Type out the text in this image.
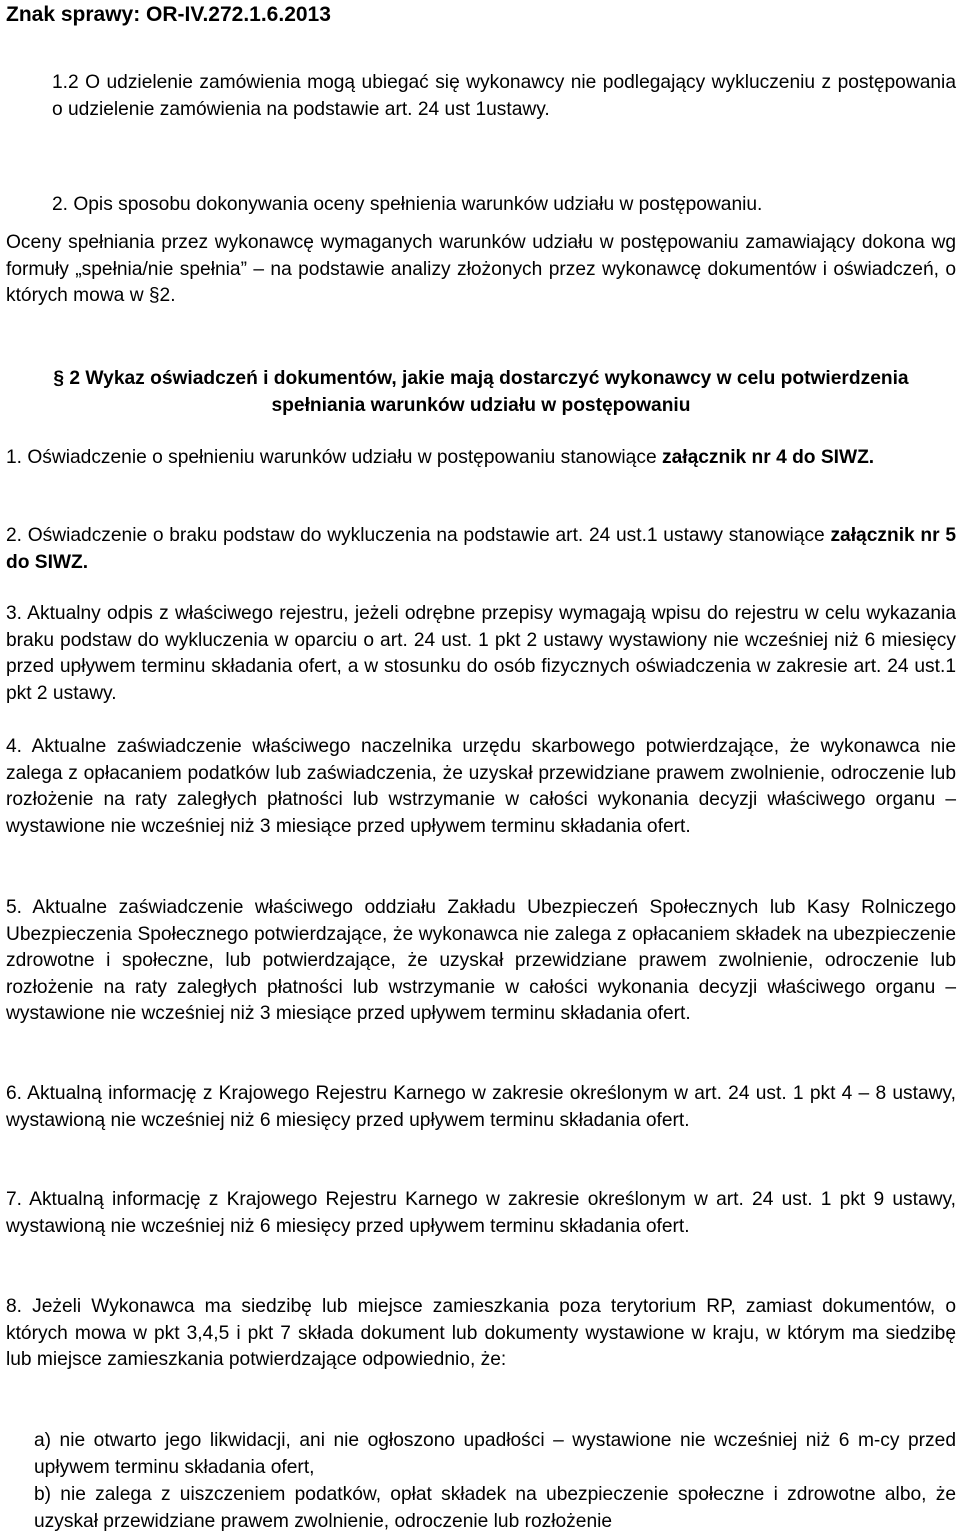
Znak sprawy: OR-IV.272.1.6.2013

1.2 O udzielenie zamówienia mogą ubiegać się wykonawcy nie podlegający wykluczeniu z postępowania o udzielenie zamówienia na podstawie art. 24 ust 1ustawy.

2. Opis sposobu dokonywania oceny spełnienia warunków udziału w postępowaniu.

Oceny spełniania przez wykonawcę wymaganych warunków udziału w postępowaniu zamawiający dokona wg formuły „spełnia/nie spełnia” – na podstawie analizy złożonych przez wykonawcę dokumentów i oświadczeń, o których mowa w §2.

§ 2 Wykaz oświadczeń i dokumentów, jakie mają dostarczyć wykonawcy w celu potwierdzenia spełniania warunków udziału w postępowaniu

1. Oświadczenie o spełnieniu warunków udziału w postępowaniu stanowiące załącznik nr 4 do SIWZ.

2. Oświadczenie o braku podstaw do wykluczenia na podstawie art. 24 ust.1 ustawy stanowiące załącznik nr 5 do SIWZ.

3. Aktualny odpis z właściwego rejestru, jeżeli odrębne przepisy wymagają wpisu do rejestru w celu wykazania braku podstaw do wykluczenia w oparciu o art. 24 ust. 1 pkt 2 ustawy wystawiony nie wcześniej niż 6 miesięcy przed upływem terminu składania ofert, a w stosunku do osób fizycznych oświadczenia w zakresie art. 24 ust.1 pkt 2 ustawy.

4. Aktualne zaświadczenie właściwego naczelnika urzędu skarbowego potwierdzające, że wykonawca nie zalega z opłacaniem podatków lub zaświadczenia, że uzyskał przewidziane prawem zwolnienie, odroczenie lub rozłożenie na raty zaległych płatności lub wstrzymanie w całości wykonania decyzji właściwego organu – wystawione nie wcześniej niż 3 miesiące przed upływem terminu składania ofert.

5. Aktualne zaświadczenie właściwego oddziału Zakładu Ubezpieczeń Społecznych lub Kasy Rolniczego Ubezpieczenia Społecznego potwierdzające, że wykonawca nie zalega z opłacaniem składek na ubezpieczenie zdrowotne i społeczne, lub potwierdzające, że uzyskał przewidziane prawem zwolnienie, odroczenie lub rozłożenie na raty zaległych płatności lub wstrzymanie w całości wykonania decyzji właściwego organu – wystawione nie wcześniej niż 3 miesiące przed upływem terminu składania ofert.

6. Aktualną informację z Krajowego Rejestru Karnego w zakresie określonym w art. 24 ust. 1 pkt 4 – 8 ustawy, wystawioną nie wcześniej niż 6 miesięcy przed upływem terminu składania ofert.

7. Aktualną informację z Krajowego Rejestru Karnego w zakresie określonym w art. 24 ust. 1 pkt 9 ustawy, wystawioną nie wcześniej niż 6 miesięcy przed upływem terminu składania ofert.

8. Jeżeli Wykonawca ma siedzibę lub miejsce zamieszkania poza terytorium RP, zamiast dokumentów, o których mowa w pkt 3,4,5 i pkt 7 składa dokument lub dokumenty wystawione w kraju, w którym ma siedzibę lub miejsce zamieszkania potwierdzające odpowiednio, że:

a) nie otwarto jego likwidacji, ani nie ogłoszono upadłości – wystawione nie wcześniej niż 6 m-cy przed upływem terminu składania ofert,

b) nie zalega z uiszczeniem podatków, opłat składek na ubezpieczenie społeczne i zdrowotne albo, że uzyskał przewidziane prawem zwolnienie, odroczenie lub rozłożenie
